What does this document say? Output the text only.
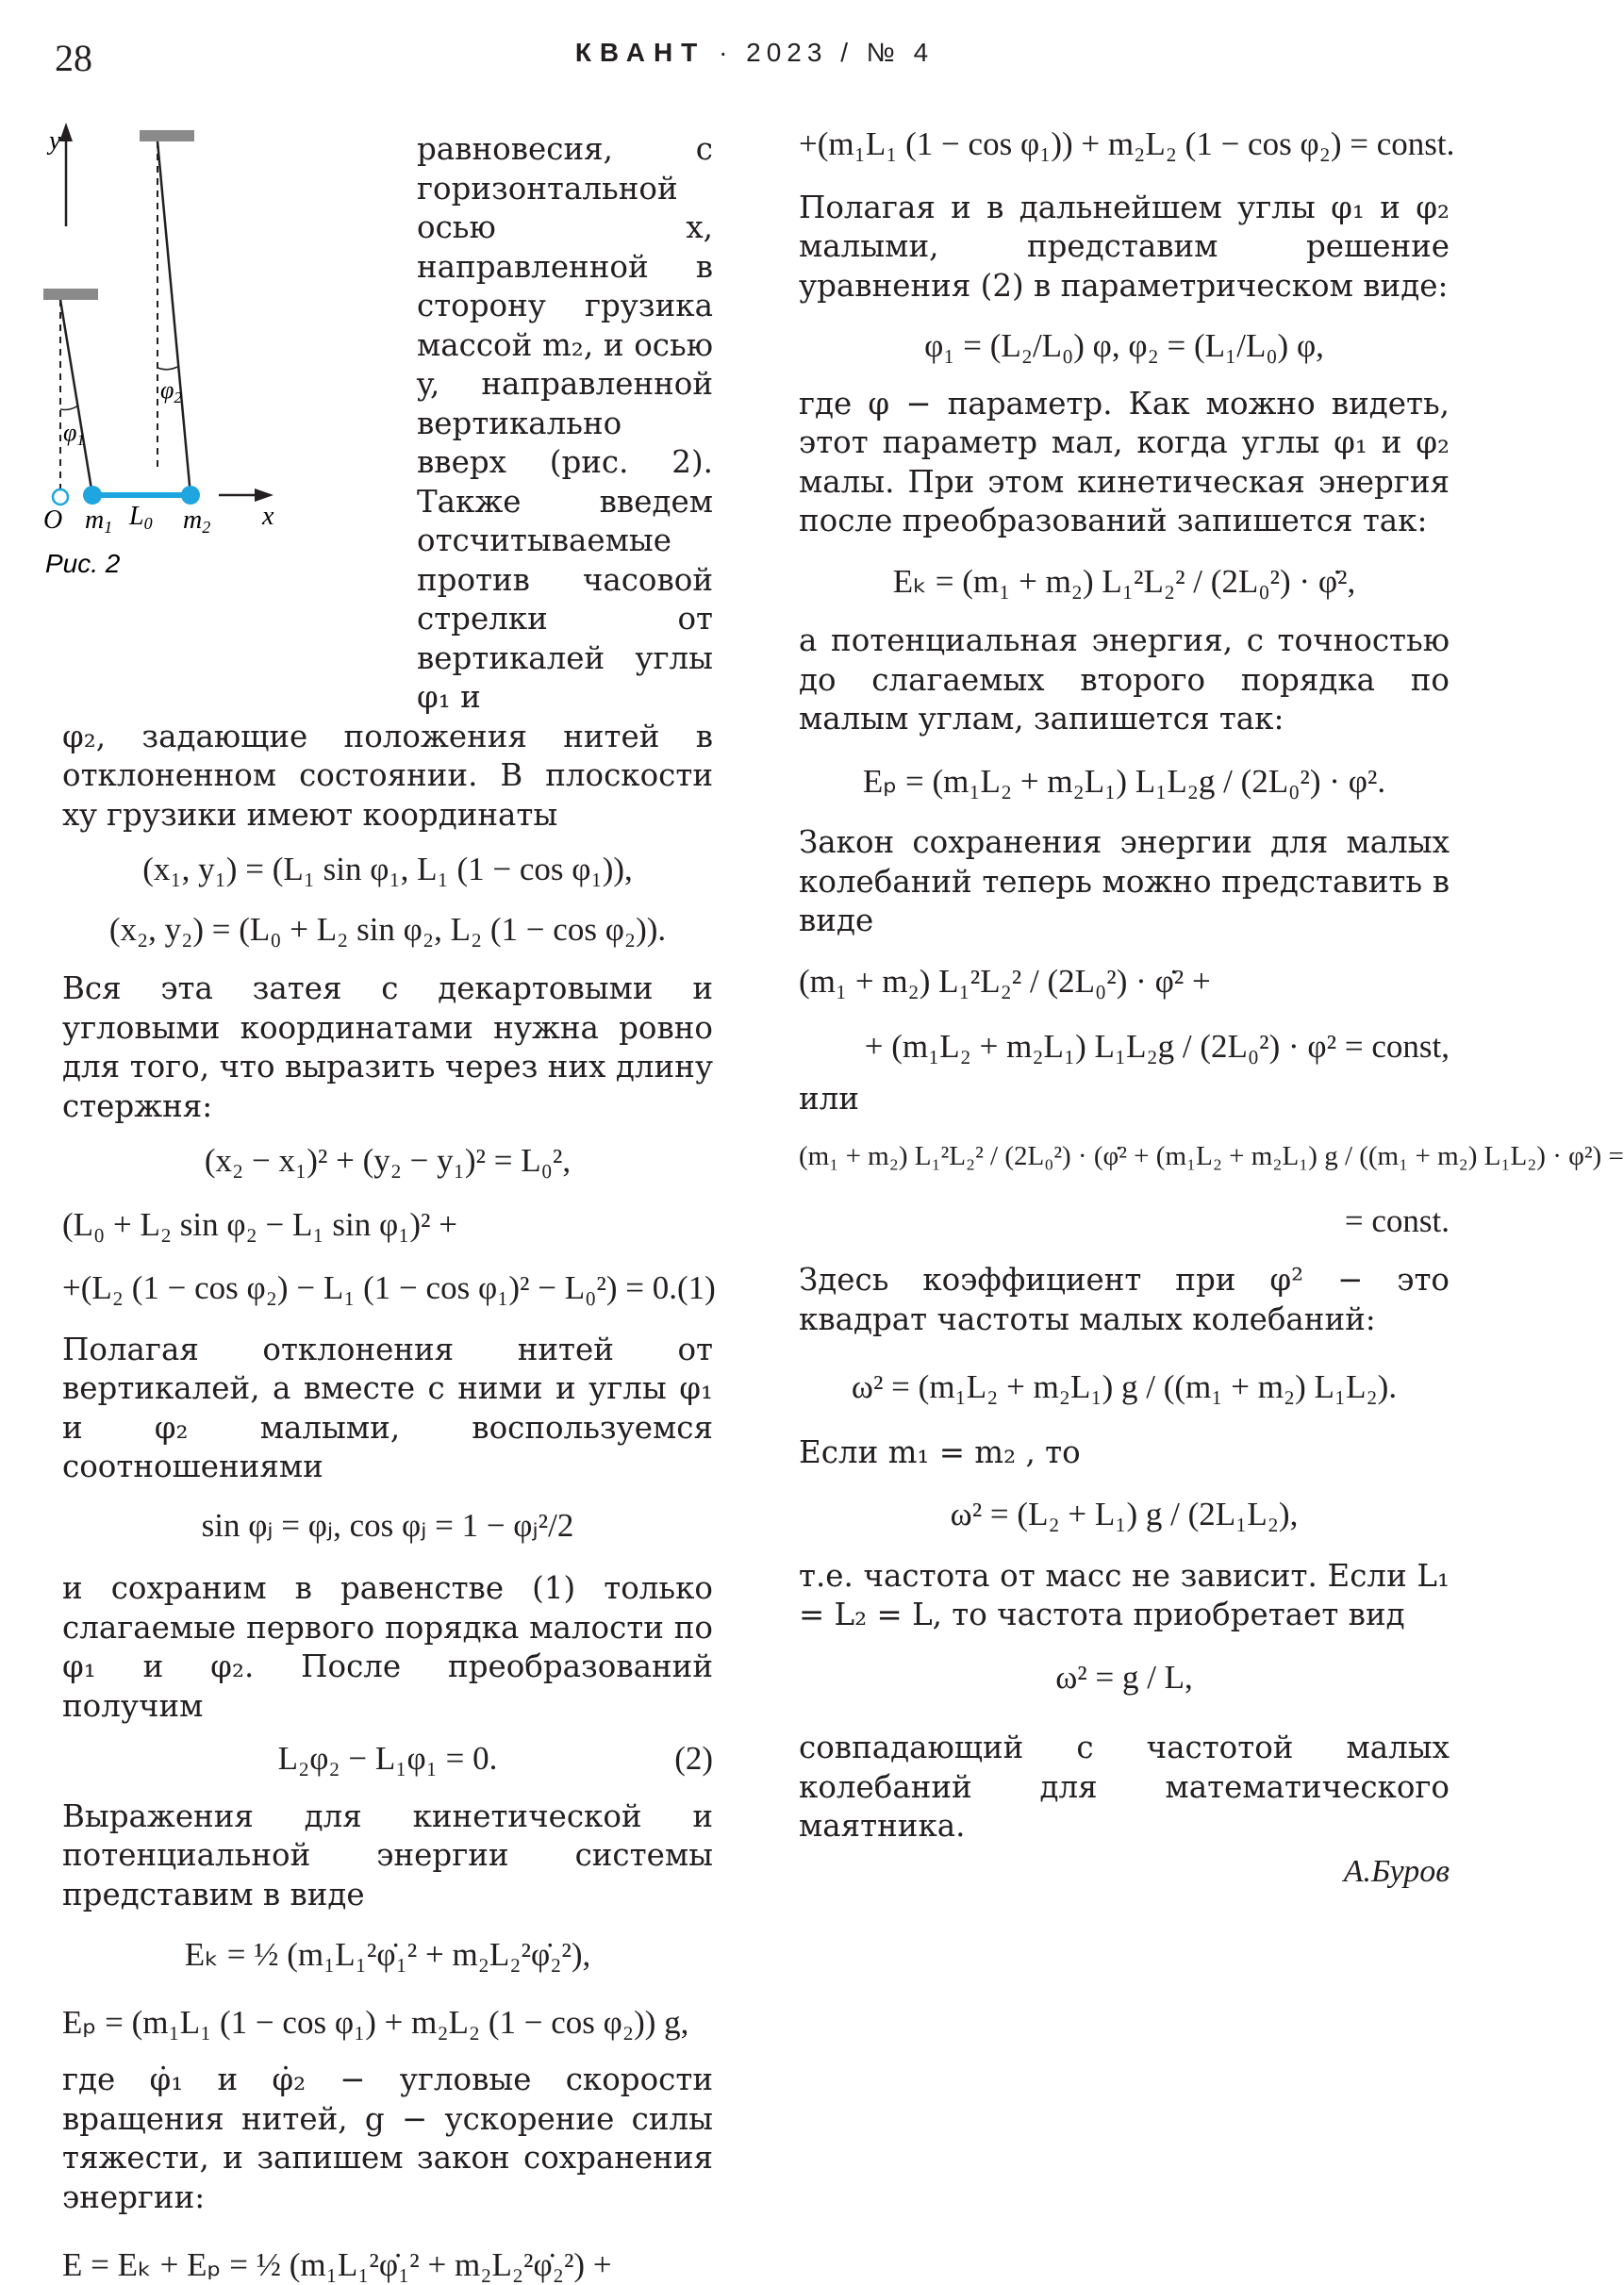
28	КВАНТ · 2023 / № 4
y
φ1
φ2
x
O m1 L0 m2
Рис. 2

равновесия, с горизонтальной осью x, направленной в сторону грузика массой m₂, и осью y, направленной вертикально вверх (рис. 2). Также введем отсчитываемые против часовой стрелки от вертикалей углы φ₁ и

φ₂, задающие положения нитей в отклоненном состоянии. В плоскости xy грузики имеют координаты

(x₁, y₁) = (L₁ sin φ₁, L₁ (1 − cos φ₁)),
(x₂, y₂) = (L₀ + L₂ sin φ₂, L₂ (1 − cos φ₂)).

Вся эта затея с декартовыми и угловыми координатами нужна ровно для того, что выразить через них длину стержня:

(x₂ − x₁)² + (y₂ − y₁)² = L₀²,
(L₀ + L₂ sin φ₂ − L₁ sin φ₁)² +
+(L₂ (1 − cos φ₂) − L₁ (1 − cos φ₁)² − L₀²) = 0.(1)

Полагая отклонения нитей от вертикалей, а вместе с ними и углы φ₁ и φ₂ малыми, воспользуемся соотношениями

sin φⱼ = φⱼ, cos φⱼ = 1 − φⱼ²/2

и сохраним в равенстве (1) только слагаемые первого порядка малости по φ₁ и φ₂. После преобразований получим

L₂φ₂ − L₁φ₁ = 0.	(2)

Выражения для кинетической и потенциальной энергии системы представим в виде

Eₖ = ½ (m₁L₁²φ̇₁² + m₂L₂²φ̇₂²),
Eₚ = (m₁L₁ (1 − cos φ₁) + m₂L₂ (1 − cos φ₂)) g,

где φ̇₁ и φ̇₂ − угловые скорости вращения нитей, g − ускорение силы тяжести, и запишем закон сохранения энергии:

E = Eₖ + Eₚ = ½ (m₁L₁²φ̇₁² + m₂L₂²φ̇₂²) +
+(m₁L₁ (1 − cos φ₁)) + m₂L₂ (1 − cos φ₂) = const.

Полагая и в дальнейшем углы φ₁ и φ₂ малыми, представим решение уравнения (2) в параметрическом виде:

φ₁ = (L₂/L₀) φ, φ₂ = (L₁/L₀) φ,

где φ − параметр. Как можно видеть, этот параметр мал, когда углы φ₁ и φ₂ малы. При этом кинетическая энергия после преобразований запишется так:

Eₖ = (m₁ + m₂) L₁²L₂² / (2L₀²) · φ̇²,

а потенциальная энергия, с точностью до слагаемых второго порядка по малым углам, запишется так:

Eₚ = (m₁L₂ + m₂L₁) L₁L₂g / (2L₀²) · φ².

Закон сохранения энергии для малых колебаний теперь можно представить в виде

(m₁ + m₂) L₁²L₂² / (2L₀²) · φ̇² +
+ (m₁L₂ + m₂L₁) L₁L₂g / (2L₀²) · φ² = const,

или

(m₁ + m₂) L₁²L₂² / (2L₀²) · (φ̇² + (m₁L₂ + m₂L₁) g / ((m₁ + m₂) L₁L₂) · φ²) =
= const.

Здесь коэффициент при φ² − это квадрат частоты малых колебаний:

ω² = (m₁L₂ + m₂L₁) g / ((m₁ + m₂) L₁L₂).

Если m₁ = m₂ , то

ω² = (L₂ + L₁) g / (2L₁L₂),

т.е. частота от масс не зависит. Если L₁ = L₂ = L, то частота приобретает вид

ω² = g / L,

совпадающий с частотой малых колебаний для математического маятника.

А.Буров
